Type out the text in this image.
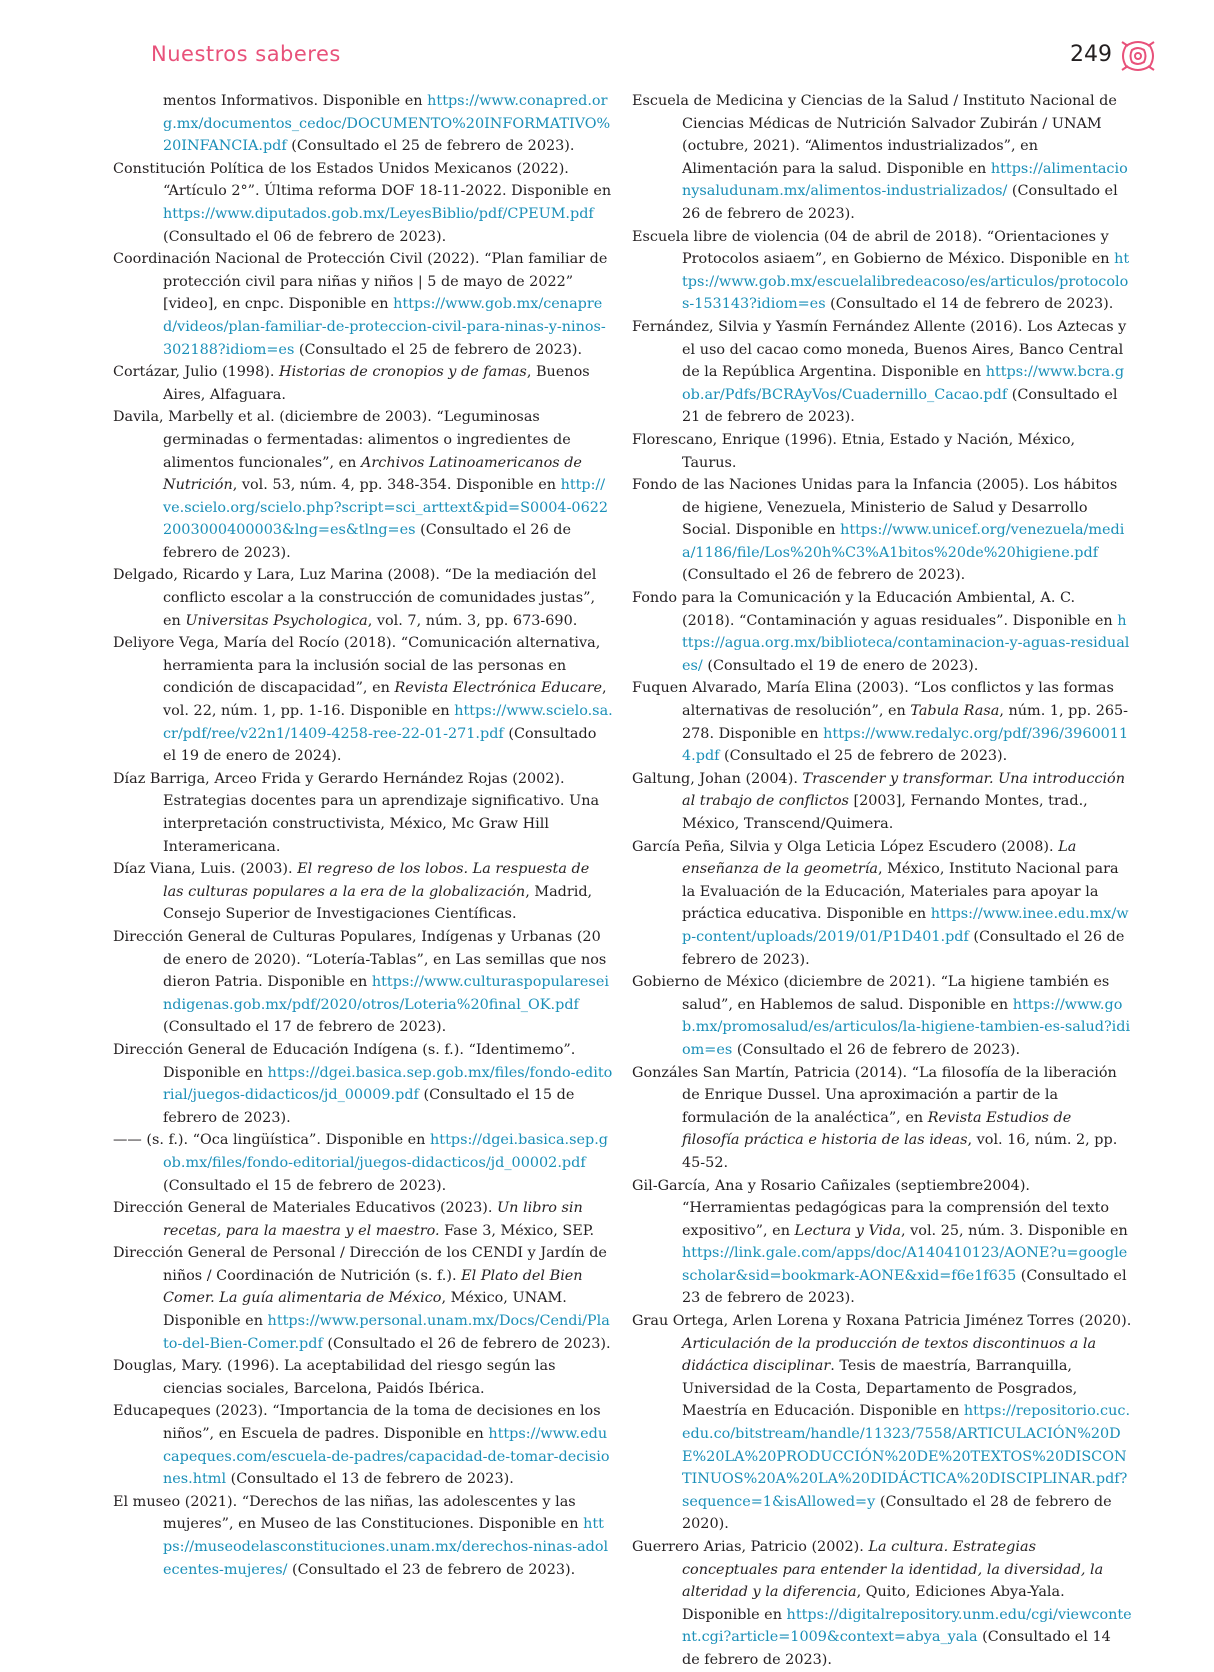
Nuestros saberes	249

mentos Informativos. Disponible en https://www.conapred.org.mx/documentos_cedoc/DOCUMENTO%20INFORMATIVO%20INFANCIA.pdf (Consultado el 25 de febrero de 2023).

Constitución Política de los Estados Unidos Mexicanos (2022). “Artículo 2°”. Última reforma DOF 18-11-2022. Disponible en https://www.diputados.gob.mx/LeyesBiblio/pdf/CPEUM.pdf (Consultado el 06 de febrero de 2023).

Coordinación Nacional de Protección Civil (2022). “Plan familiar de protección civil para niñas y niños | 5 de mayo de 2022” [video], en cnpc. Disponible en https://www.gob.mx/cenapred/videos/plan-familiar-de-proteccion-civil-para-ninas-y-ninos-302188?idiom=es (Consultado el 25 de febrero de 2023).

Cortázar, Julio (1998). Historias de cronopios y de famas, Buenos Aires, Alfaguara.

Davila, Marbelly et al. (diciembre de 2003). “Leguminosas germinadas o fermentadas: alimentos o ingredientes de alimentos funcionales”, en Archivos Latinoamericanos de Nutrición, vol. 53, núm. 4, pp. 348-354. Disponible en http://ve.scielo.org/scielo.php?script=sci_arttext&pid=S0004-06222003000400003&lng=es&tlng=es (Consultado el 26 de febrero de 2023).

Delgado, Ricardo y Lara, Luz Marina (2008). “De la mediación del conflicto escolar a la construcción de comunidades justas”, en Universitas Psychologica, vol. 7, núm. 3, pp. 673-690.

Deliyore Vega, María del Rocío (2018). “Comunicación alternativa, herramienta para la inclusión social de las personas en condición de discapacidad”, en Revista Electrónica Educare, vol. 22, núm. 1, pp. 1-16. Disponible en https://www.scielo.sa.cr/pdf/ree/v22n1/1409-4258-ree-22-01-271.pdf (Consultado el 19 de enero de 2024).

Díaz Barriga, Arceo Frida y Gerardo Hernández Rojas (2002). Estrategias docentes para un aprendizaje significativo. Una interpretación constructivista, México, Mc Graw Hill Interamericana.

Díaz Viana, Luis. (2003). El regreso de los lobos. La respuesta de las culturas populares a la era de la globalización, Madrid, Consejo Superior de Investigaciones Científicas.

Dirección General de Culturas Populares, Indígenas y Urbanas (20 de enero de 2020). “Lotería-Tablas”, en Las semillas que nos dieron Patria. Disponible en https://www.culturaspopulareseindigenas.gob.mx/pdf/2020/otros/Loteria%20final_OK.pdf (Consultado el 17 de febrero de 2023).

Dirección General de Educación Indígena (s. f.). “Identimemo”. Disponible en https://dgei.basica.sep.gob.mx/files/fondo-editorial/juegos-didacticos/jd_00009.pdf (Consultado el 15 de febrero de 2023).

—— (s. f.). “Oca lingüística”. Disponible en https://dgei.basica.sep.gob.mx/files/fondo-editorial/juegos-didacticos/jd_00002.pdf (Consultado el 15 de febrero de 2023).

Dirección General de Materiales Educativos (2023). Un libro sin recetas, para la maestra y el maestro. Fase 3, México, SEP.

Dirección General de Personal / Dirección de los CENDI y Jardín de niños / Coordinación de Nutrición (s. f.). El Plato del Bien Comer. La guía alimentaria de México, México, UNAM. Disponible en https://www.personal.unam.mx/Docs/Cendi/Plato-del-Bien-Comer.pdf (Consultado el 26 de febrero de 2023).

Douglas, Mary. (1996). La aceptabilidad del riesgo según las ciencias sociales, Barcelona, Paidós Ibérica.

Educapeques (2023). “Importancia de la toma de decisiones en los niños”, en Escuela de padres. Disponible en https://www.educapeques.com/escuela-de-padres/capacidad-de-tomar-decisiones.html (Consultado el 13 de febrero de 2023).

El museo (2021). “Derechos de las niñas, las adolescentes y las mujeres”, en Museo de las Constituciones. Disponible en https://museodelasconstituciones.unam.mx/derechos-ninas-adolecentes-mujeres/ (Consultado el 23 de febrero de 2023).

Escuela de Medicina y Ciencias de la Salud / Instituto Nacional de Ciencias Médicas de Nutrición Salvador Zubirán / UNAM (octubre, 2021). “Alimentos industrializados”, en Alimentación para la salud. Disponible en https://alimentacionysaludunam.mx/alimentos-industrializados/ (Consultado el 26 de febrero de 2023).

Escuela libre de violencia (04 de abril de 2018). “Orientaciones y Protocolos asiaem”, en Gobierno de México. Disponible en https://www.gob.mx/escuelalibredeacoso/es/articulos/protocolos-153143?idiom=es (Consultado el 14 de febrero de 2023).

Fernández, Silvia y Yasmín Fernández Allente (2016). Los Aztecas y el uso del cacao como moneda, Buenos Aires, Banco Central de la República Argentina. Disponible en https://www.bcra.gob.ar/Pdfs/BCRAyVos/Cuadernillo_Cacao.pdf (Consultado el 21 de febrero de 2023).

Florescano, Enrique (1996). Etnia, Estado y Nación, México, Taurus.

Fondo de las Naciones Unidas para la Infancia (2005). Los hábitos de higiene, Venezuela, Ministerio de Salud y Desarrollo Social. Disponible en https://www.unicef.org/venezuela/media/1186/file/Los%20h%C3%A1bitos%20de%20higiene.pdf (Consultado el 26 de febrero de 2023).

Fondo para la Comunicación y la Educación Ambiental, A. C. (2018). “Contaminación y aguas residuales”. Disponible en https://agua.org.mx/biblioteca/contaminacion-y-aguas-residuales/ (Consultado el 19 de enero de 2023).

Fuquen Alvarado, María Elina (2003). “Los conflictos y las formas alternativas de resolución”, en Tabula Rasa, núm. 1, pp. 265-278. Disponible en https://www.redalyc.org/pdf/396/39600114.pdf (Consultado el 25 de febrero de 2023).

Galtung, Johan (2004). Trascender y transformar. Una introducción al trabajo de conflictos [2003], Fernando Montes, trad., México, Transcend/Quimera.

García Peña, Silvia y Olga Leticia López Escudero (2008). La enseñanza de la geometría, México, Instituto Nacional para la Evaluación de la Educación, Materiales para apoyar la práctica educativa. Disponible en https://www.inee.edu.mx/wp-content/uploads/2019/01/P1D401.pdf (Consultado el 26 de febrero de 2023).

Gobierno de México (diciembre de 2021). “La higiene también es salud”, en Hablemos de salud. Disponible en https://www.gob.mx/promosalud/es/articulos/la-higiene-tambien-es-salud?idiom=es (Consultado el 26 de febrero de 2023).

Gonzáles San Martín, Patricia (2014). “La filosofía de la liberación de Enrique Dussel. Una aproximación a partir de la formulación de la analéctica”, en Revista Estudios de filosofía práctica e historia de las ideas, vol. 16, núm. 2, pp. 45-52.

Gil-García, Ana y Rosario Cañizales (septiembre2004). “Herramientas pedagógicas para la comprensión del texto expositivo”, en Lectura y Vida, vol. 25, núm. 3. Disponible en https://link.gale.com/apps/doc/A140410123/AONE?u=googlescholar&sid=bookmark-AONE&xid=f6e1f635 (Consultado el 23 de febrero de 2023).

Grau Ortega, Arlen Lorena y Roxana Patricia Jiménez Torres (2020). Articulación de la producción de textos discontinuos a la didáctica disciplinar. Tesis de maestría, Barranquilla, Universidad de la Costa, Departamento de Posgrados, Maestría en Educación. Disponible en https://repositorio.cuc.edu.co/bitstream/handle/11323/7558/ARTICULACIÓN%20DE%20LA%20PRODUCCIÓN%20DE%20TEXTOS%20DISCONTINUOS%20A%20LA%20DIDÁCTICA%20DISCIPLINAR.pdf?sequence=1&isAllowed=y (Consultado el 28 de febrero de 2020).

Guerrero Arias, Patricio (2002). La cultura. Estrategias conceptuales para entender la identidad, la diversidad, la alteridad y la diferencia, Quito, Ediciones Abya-Yala. Disponible en https://digitalrepository.unm.edu/cgi/viewcontent.cgi?article=1009&context=abya_yala (Consultado el 14 de febrero de 2023).
